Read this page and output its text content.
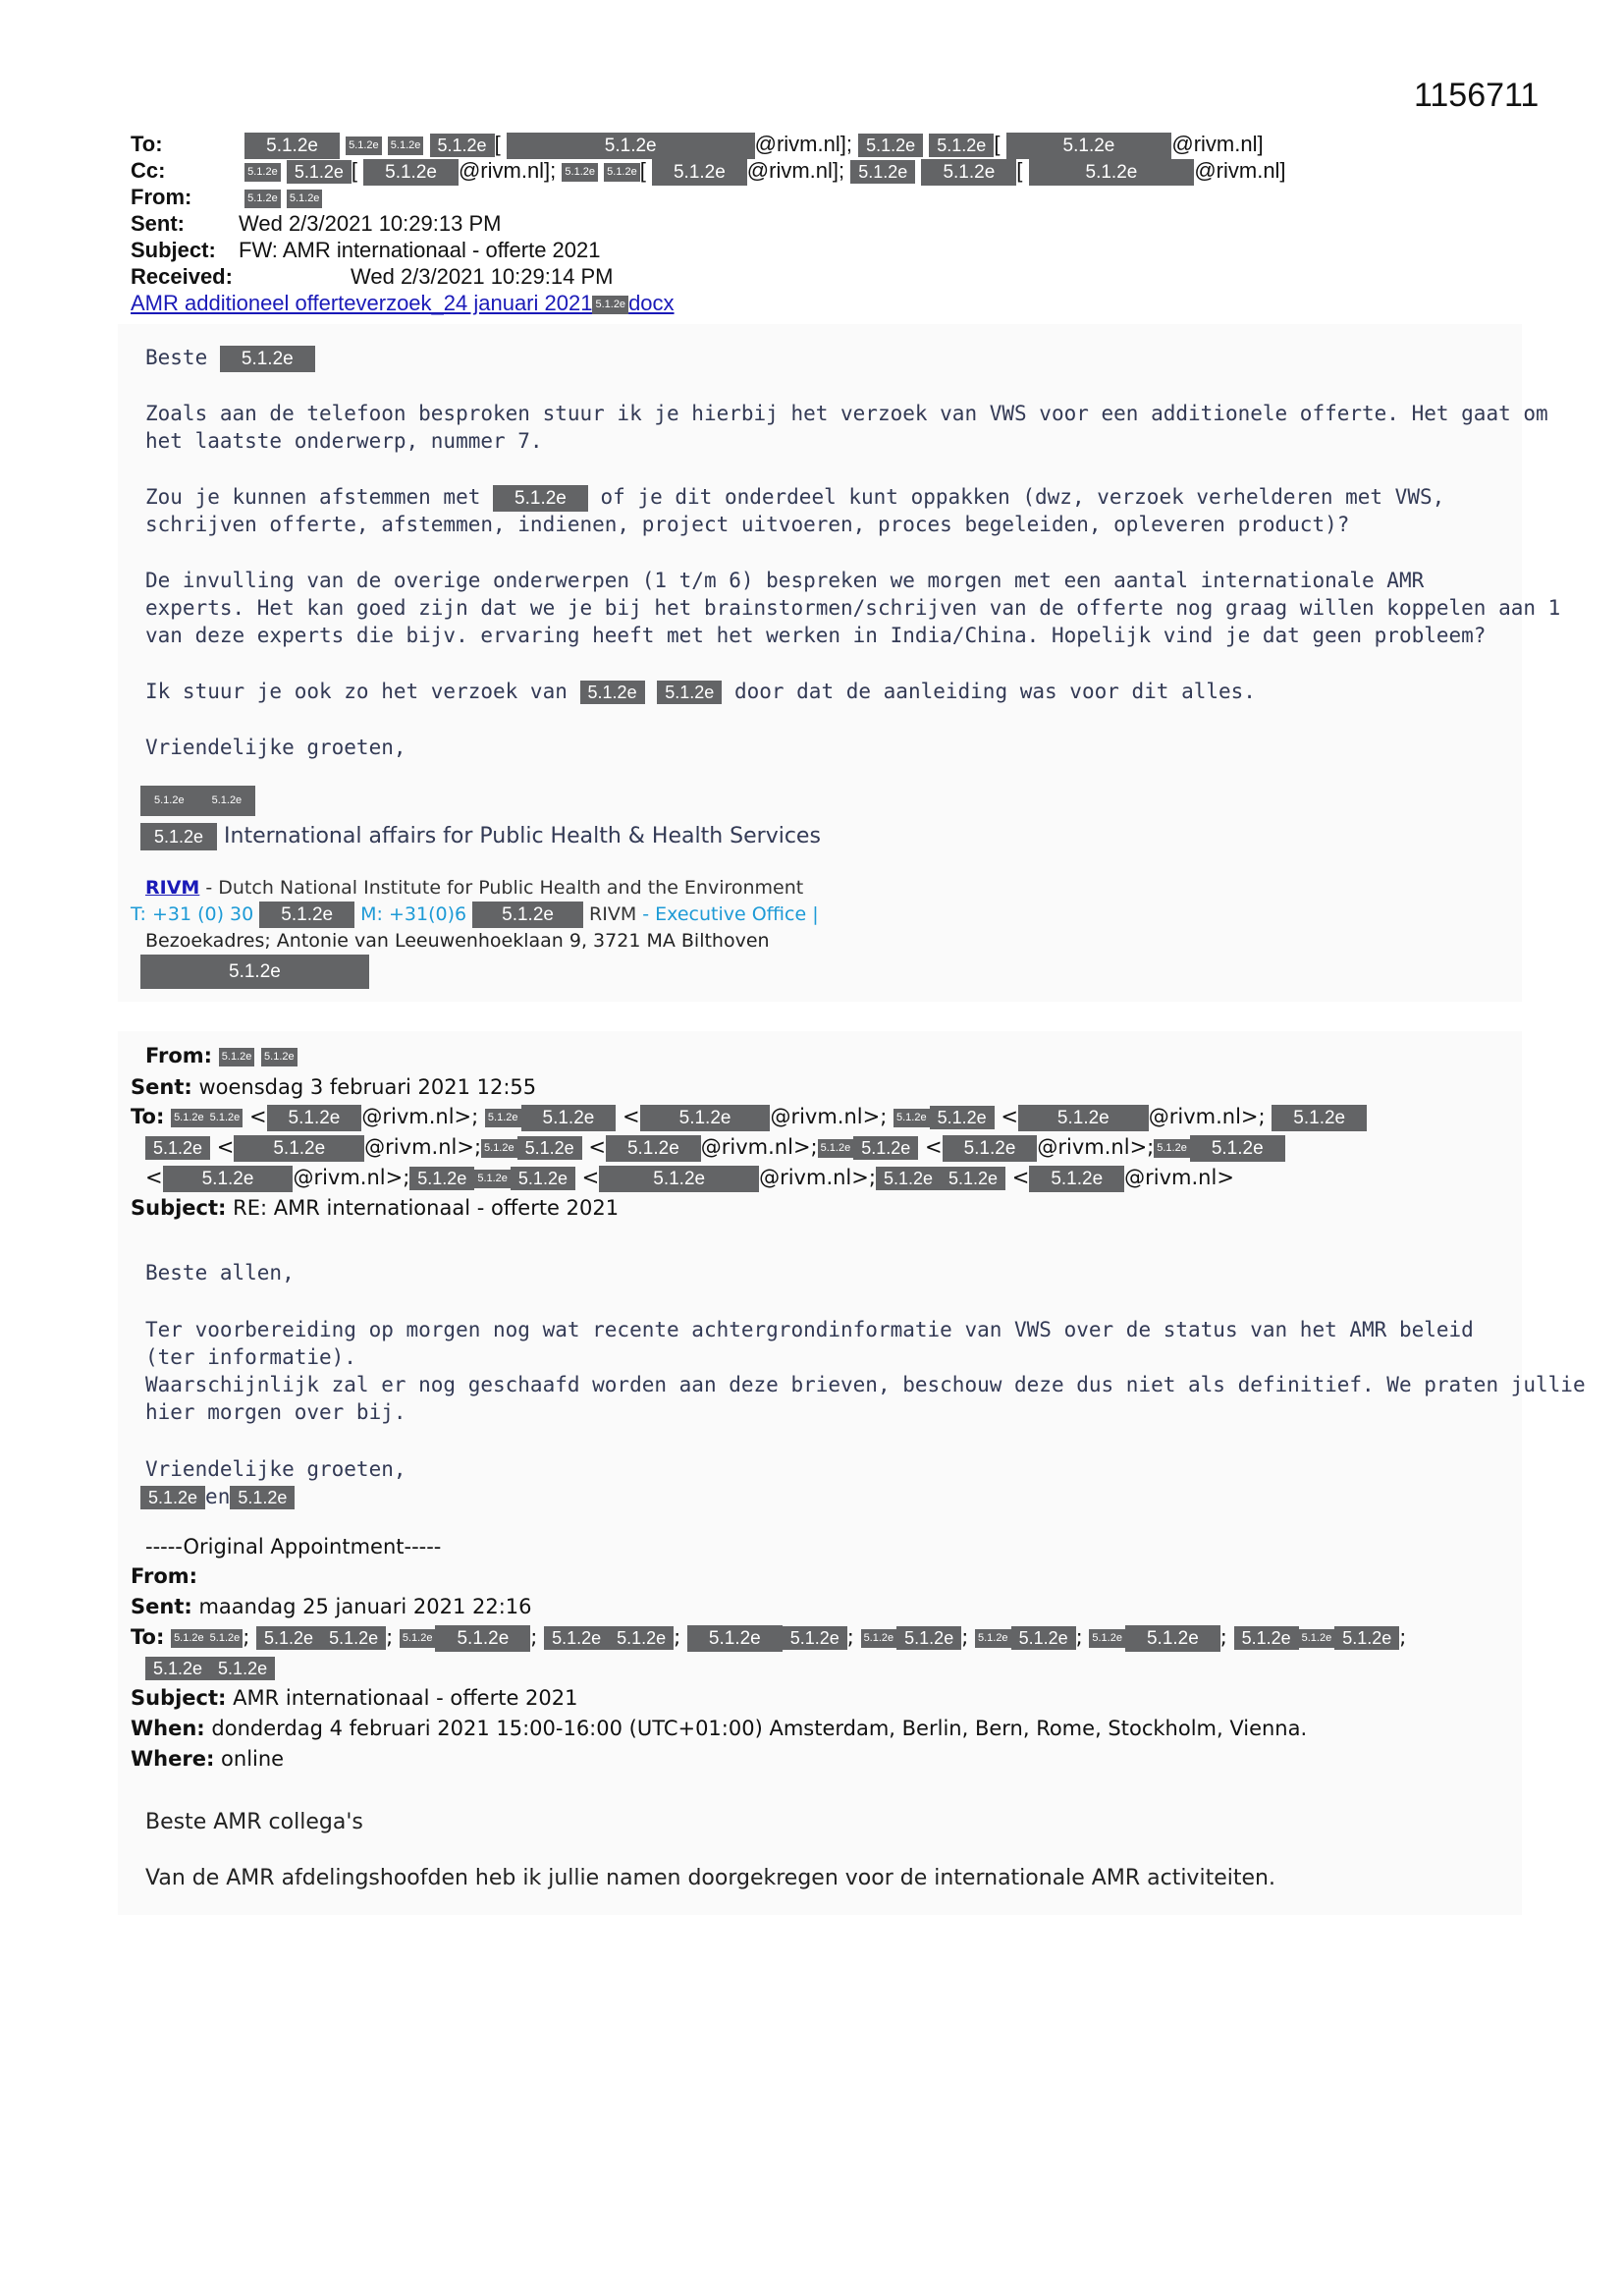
1156711
To:	5.1.2e	5.1.2e 5.1.2e 5.1.2e [	5.1.2e	@rivm.nl]; 5.1.2e 5.1.2e [	5.1.2e	@rivm.nl]
Cc:	5.1.2e 5.1.2e [ 5.1.2e @rivm.nl]; 5.1.2e 5.1.2e [ 5.1.2e @rivm.nl]; 5.1.2e 5.1.2e [	5.1.2e	@rivm.nl]
From:	5.1.2e 5.1.2e
Sent:	Wed 2/3/2021 10:29:13 PM
Subject: FW: AMR internationaal - offerte 2021
Received:	Wed 2/3/2021 10:29:14 PM
AMR additioneel offerteverzoek_24 januari 2021 5.1.2e docx
Beste 5.1.2e
Zoals aan de telefoon besproken stuur ik je hierbij het verzoek van VWS voor een additionele offerte. Het gaat om
het laatste onderwerp, nummer 7.
Zou je kunnen afstemmen met 5.1.2e of je dit onderdeel kunt oppakken (dwz, verzoek verhelderen met VWS,
schrijven offerte, afstemmen, indienen, project uitvoeren, proces begeleiden, opleveren product)?
De invulling van de overige onderwerpen (1 t/m 6) bespreken we morgen met een aantal internationale AMR
experts. Het kan goed zijn dat we je bij het brainstormen/schrijven van de offerte nog graag willen koppelen aan 1
van deze experts die bijv. ervaring heeft met het werken in India/China. Hopelijk vind je dat geen probleem?
Ik stuur je ook zo het verzoek van 5.1.2e 5.1.2e door dat de aanleiding was voor dit alles.
Vriendelijke groeten,
5.1.2e	5.1.2e
5.1.2e International affairs for Public Health & Health Services
RIVM - Dutch National Institute for Public Health and the Environment
T: +31 (0) 30 5.1.2e M: +31(0)6 5.1.2e RIVM - Executive Office |
Bezoekadres; Antonie van Leeuwenhoeklaan 9, 3721 MA Bilthoven
5.1.2e
From: 5.1.2e 5.1.2e
Sent: woensdag 3 februari 2021 12:55
To: 5.1.2e 5.1.2e < 5.1.2e @rivm.nl>; 5.1.2e 5.1.2e < 5.1.2e @rivm.nl>; 5.1.2e 5.1.2e < 5.1.2e @rivm.nl>; 5.1.2e
5.1.2e < 5.1.2e @rivm.nl>; 5.1.2e 5.1.2e < 5.1.2e @rivm.nl>; 5.1.2e 5.1.2e < 5.1.2e @rivm.nl>; 5.1.2e 5.1.2e
< 5.1.2e @rivm.nl>; 5.1.2e 5.1.2e 5.1.2e <	5.1.2e	@rivm.nl>; 5.1.2e 5.1.2e < 5.1.2e @rivm.nl>
Subject: RE: AMR internationaal - offerte 2021
Beste allen,
Ter voorbereiding op morgen nog wat recente achtergrondinformatie van VWS over de status van het AMR beleid
(ter informatie).
Waarschijnlijk zal er nog geschaafd worden aan deze brieven, beschouw deze dus niet als definitief. We praten jullie
hier morgen over bij.
Vriendelijke groeten,
5.1.2e en 5.1.2e
-----Original Appointment-----
From:
Sent: maandag 25 januari 2021 22:16
To: 5.1.2e 5.1.2e ; 5.1.2e 5.1.2e ; 5.1.2e 5.1.2e ; 5.1.2e 5.1.2e ; 5.1.2e 5.1.2e ; 5.1.2e 5.1.2e ; 5.1.2e 5.1.2e ; 5.1.2e 5.1.2e ; 5.1.2e 5.1.2e 5.1.2e ;
5.1.2e 5.1.2e
Subject: AMR internationaal - offerte 2021
When: donderdag 4 februari 2021 15:00-16:00 (UTC+01:00) Amsterdam, Berlin, Bern, Rome, Stockholm, Vienna.
Where: online
Beste AMR collega's
Van de AMR afdelingshoofden heb ik jullie namen doorgekregen voor de internationale AMR activiteiten.
